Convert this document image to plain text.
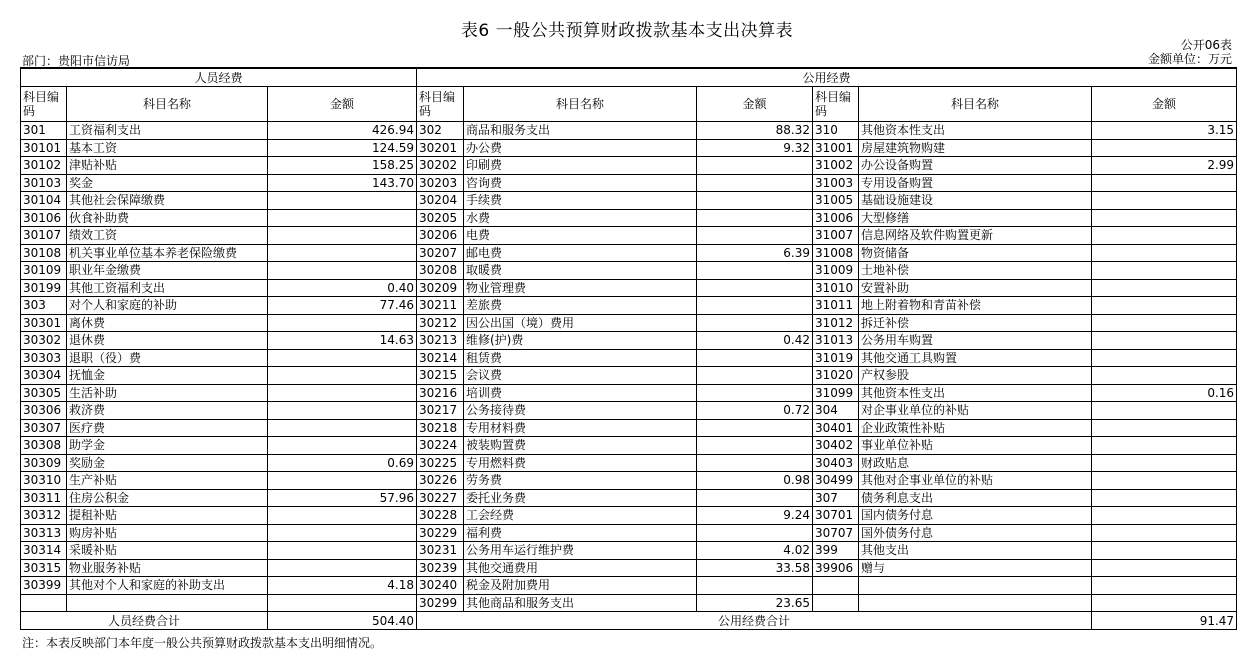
表6 一般公共预算财政拨款基本支出决算表
部门：贵阳市信访局
公开06表
金额单位：万元
人员经费			公用经费					
科目编码	科目名称	金额	科目编码	科目名称	金额	科目编码	科目名称	金额
301	工资福利支出	426.94	302	商品和服务支出	88.32	310	其他资本性支出	3.15
30101	基本工资	124.59	30201	办公费	9.32	31001	房屋建筑物购建	
30102	津贴补贴	158.25	30202	印刷费		31002	办公设备购置	2.99
30103	奖金	143.70	30203	咨询费		31003	专用设备购置	
30104	其他社会保障缴费		30204	手续费		31005	基础设施建设	
30106	伙食补助费		30205	水费		31006	大型修缮	
30107	绩效工资		30206	电费		31007	信息网络及软件购置更新	
30108	机关事业单位基本养老保险缴费		30207	邮电费	6.39	31008	物资储备	
30109	职业年金缴费		30208	取暖费		31009	土地补偿	
30199	其他工资福利支出	0.40	30209	物业管理费		31010	安置补助	
303	对个人和家庭的补助	77.46	30211	差旅费		31011	地上附着物和青苗补偿	
30301	离休费		30212	因公出国（境）费用		31012	拆迁补偿	
30302	退休费	14.63	30213	维修(护)费	0.42	31013	公务用车购置	
30303	退职（役）费		30214	租赁费		31019	其他交通工具购置	
30304	抚恤金		30215	会议费		31020	产权参股	
30305	生活补助		30216	培训费		31099	其他资本性支出	0.16
30306	救济费		30217	公务接待费	0.72	304	对企事业单位的补贴	
30307	医疗费		30218	专用材料费		30401	企业政策性补贴	
30308	助学金		30224	被装购置费		30402	事业单位补贴	
30309	奖励金	0.69	30225	专用燃料费		30403	财政贴息	
30310	生产补贴		30226	劳务费	0.98	30499	其他对企事业单位的补贴	
30311	住房公积金	57.96	30227	委托业务费		307	债务利息支出	
30312	提租补贴		30228	工会经费	9.24	30701	国内债务付息	
30313	购房补贴		30229	福利费		30707	国外债务付息	
30314	采暖补贴		30231	公务用车运行维护费	4.02	399	其他支出	
30315	物业服务补贴		30239	其他交通费用	33.58	39906	赠与	
30399	其他对个人和家庭的补助支出	4.18	30240	税金及附加费用				
			30299	其他商品和服务支出	23.65			
人员经费合计		504.40	公用经费合计					91.47
注：本表反映部门本年度一般公共预算财政拨款基本支出明细情况。
